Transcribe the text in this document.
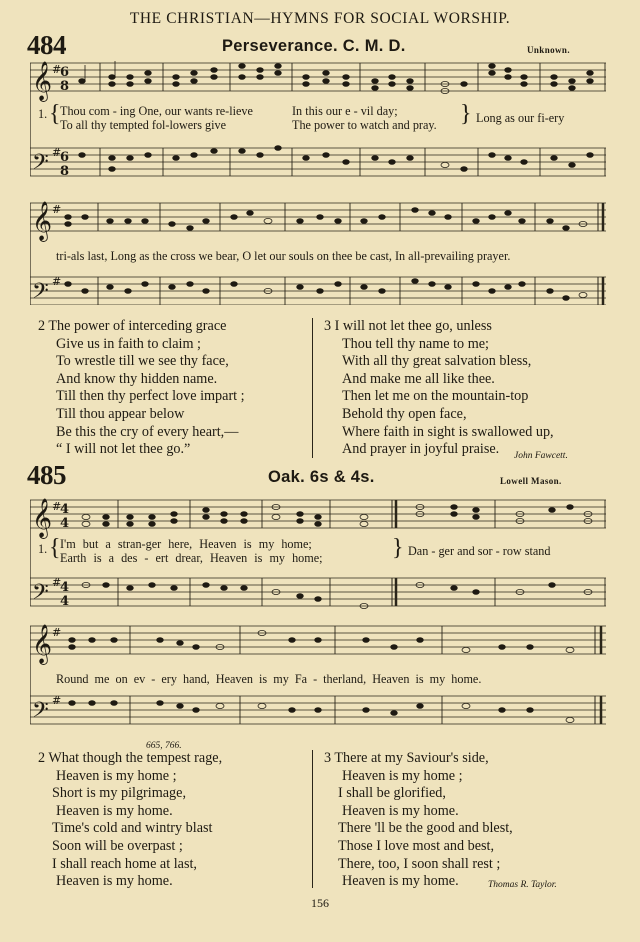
THE CHRISTIAN—HYMNS FOR SOCIAL WORSHIP.
484	Perseverance. C. M. D.	Unknown.
𝄞
𝄢
𝄞
𝄢
#
#
#
#
6
8
6
8
1. { Thou com - ing One, our wants re-lieve	In this our e - vil day;
To all thy tempted fol-lowers give	The power to watch and pray. } Long as our fi-ery
tri-als last, Long as the cross we bear, O let our souls on thee be cast, In all-prevailing prayer.
2 The power of interceding grace
Give us in faith to claim ;
To wrestle till we see thy face,
And know thy hidden name.
Till then thy perfect love impart ;
Till thou appear below
Be this the cry of every heart,—
“ I will not let thee go.”
3 I will not let thee go, unless
Thou tell thy name to me;
With all thy great salvation bless,
And make me all like thee.
Then let me on the mountain-top
Behold thy open face,
Where faith in sight is swallowed up,
And prayer in joyful praise.	John Fawcett.
485	Oak. 6s & 4s.	Lowell Mason.
𝄞
𝄢
𝄞
𝄢
#
#
#
#
4
4
4
4
1. { I'm but a stran-ger here, Heaven is my home;
Earth is a des - ert drear, Heaven is my home;	} Dan - ger and sor - row stand
Round me on ev - ery hand, Heaven is my Fa - therland, Heaven is my home.
665, 766.
2 What though the tempest rage,
Heaven is my home ;
Short is my pilgrimage,
Heaven is my home.
Time's cold and wintry blast
Soon will be overpast ;
I shall reach home at last,
Heaven is my home.
3 There at my Saviour's side,
Heaven is my home ;
I shall be glorified,
Heaven is my home.
There 'll be the good and blest,
Those I love most and best,
There, too, I soon shall rest ;
Heaven is my home.	Thomas R. Taylor.
156
